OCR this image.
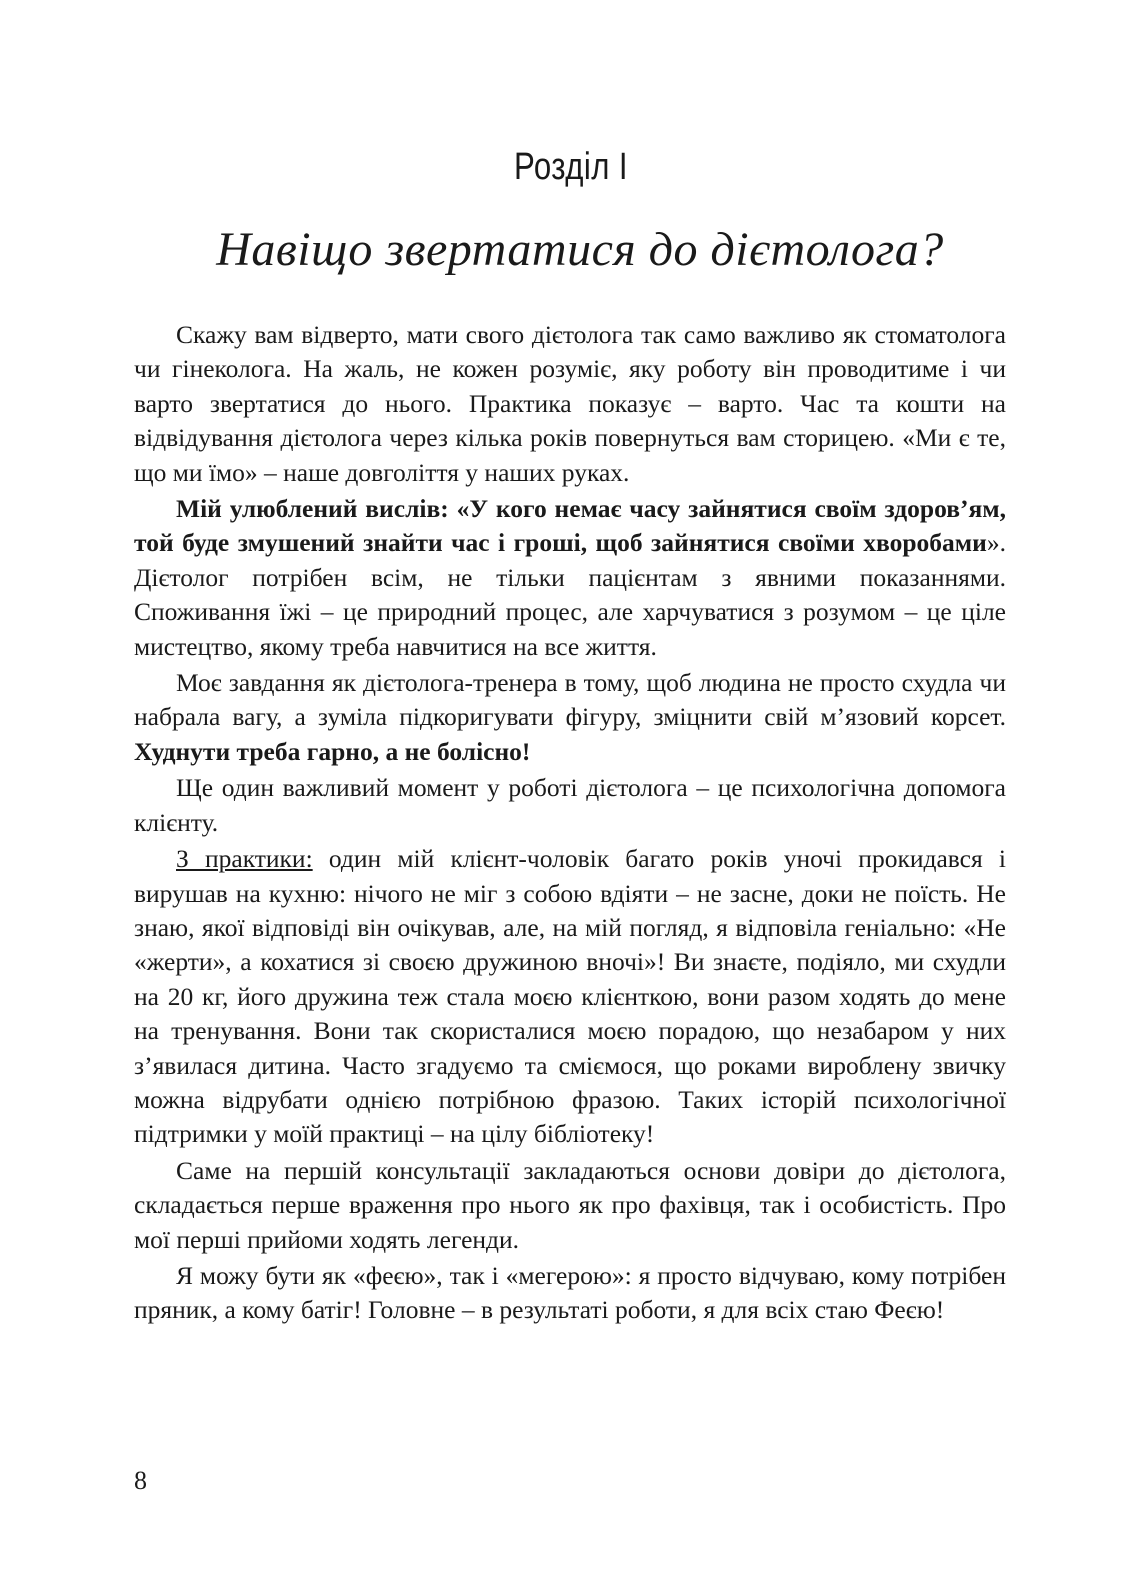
Розділ І
Навіщо звертатися до дієтолога?

Скажу вам відверто, мати свого дієтолога так само важливо як стоматолога чи гінеколога. На жаль, не кожен розуміє, яку роботу він проводитиме і чи варто звертатися до нього. Практика показує – варто. Час та кошти на відвідування дієтолога через кілька років повернуться вам сторицею. «Ми є те, що ми їмо» – наше довголіття у наших руках.

Мій улюблений вислів: «У кого немає часу зайнятися своїм здоров’ям, той буде змушений знайти час і гроші, щоб зайнятися своїми хворобами». Дієтолог потрібен всім, не тільки пацієнтам з явними показаннями. Споживання їжі – це природний процес, але харчуватися з розумом – це ціле мистецтво, якому треба навчитися на все життя.

Моє завдання як дієтолога-тренера в тому, щоб людина не просто схудла чи набрала вагу, а зуміла підкоригувати фігуру, зміцнити свій м’язовий корсет. Худнути треба гарно, а не болісно!

Ще один важливий момент у роботі дієтолога – це психологічна допомога клієнту.

З практики: один мій клієнт-чоловік багато років уночі прокидався і вирушав на кухню: нічого не міг з собою вдіяти – не засне, доки не поїсть. Не знаю, якої відповіді він очікував, але, на мій погляд, я відповіла геніально: «Не «жерти», а кохатися зі своєю дружиною вночі»! Ви знаєте, подіяло, ми схудли на 20 кг, його дружина теж стала моєю клієнткою, вони разом ходять до мене на тренування. Вони так скористалися моєю порадою, що незабаром у них з’явилася дитина. Часто згадуємо та сміємося, що роками вироблену звичку можна відрубати однією потрібною фразою. Таких історій психологічної підтримки у моїй практиці – на цілу бібліотеку!

Саме на першій консультації закладаються основи довіри до дієтолога, складається перше враження про нього як про фахівця, так і особистість. Про мої перші прийоми ходять легенди.

Я можу бути як «феєю», так і «мегерою»: я просто відчуваю, кому потрібен пряник, а кому батіг! Головне – в результаті роботи, я для всіх стаю Феєю!

8
